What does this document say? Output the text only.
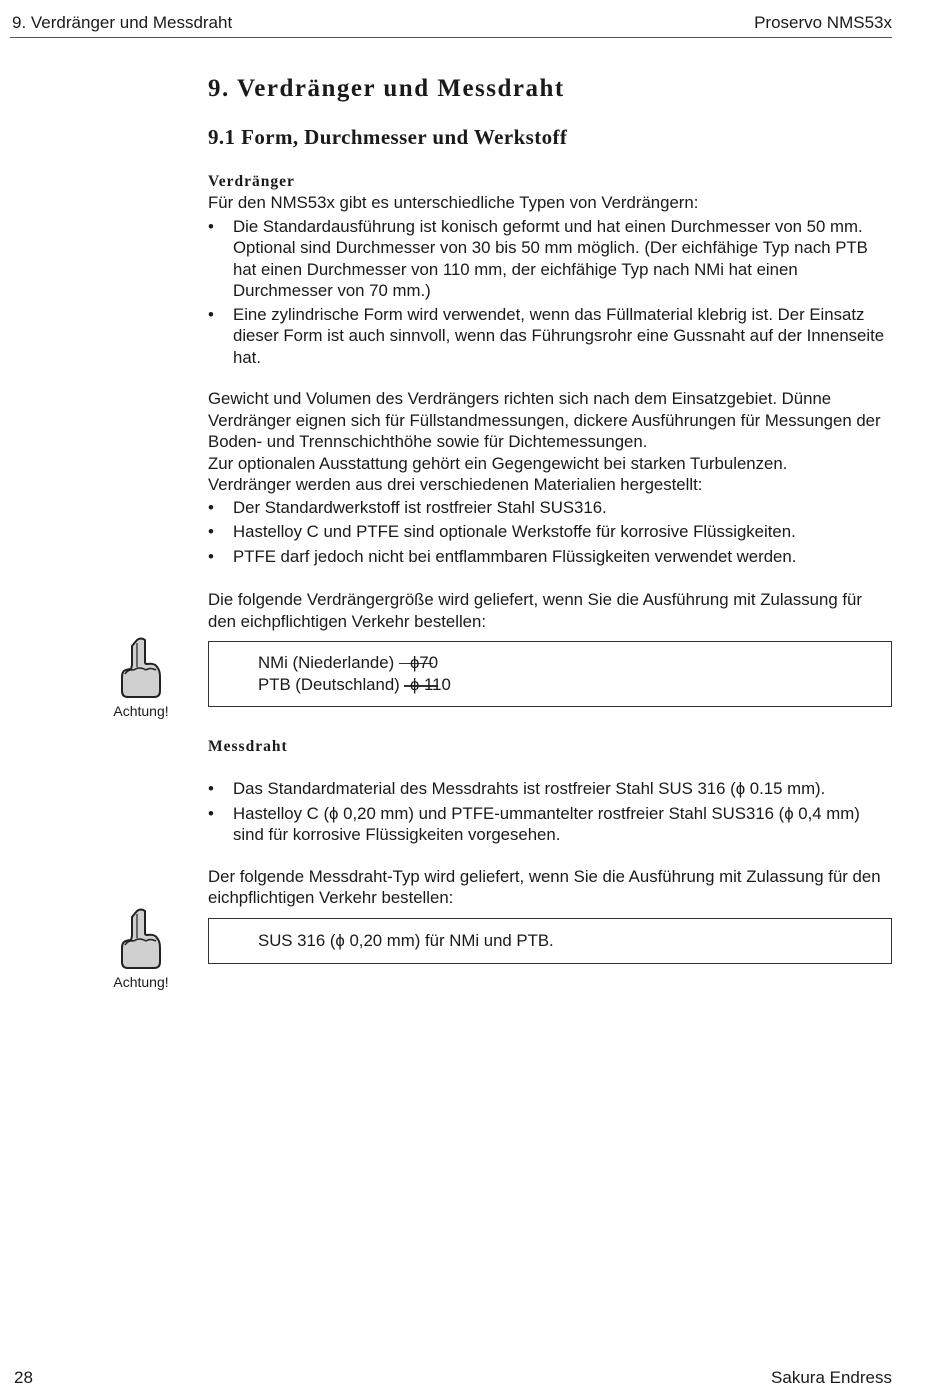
9. Verdränger und Messdraht	Proservo NMS53x
9. Verdränger und Messdraht
9.1 Form, Durchmesser und Werkstoff
Verdränger

Für den NMS53x gibt es unterschiedliche Typen von Verdrängern:

• Die Standardausführung ist konisch geformt und hat einen Durchmesser von 50 mm. Optional sind Durchmesser von 30 bis 50 mm möglich. (Der eichfähige Typ nach PTB hat einen Durchmesser von 110 mm, der eichfähige Typ nach NMi hat einen Durchmesser von 70 mm.)
• Eine zylindrische Form wird verwendet, wenn das Füllmaterial klebrig ist. Der Einsatz dieser Form ist auch sinnvoll, wenn das Führungsrohr eine Gussnaht auf der Innenseite hat.

Gewicht und Volumen des Verdrängers richten sich nach dem Einsatzgebiet. Dünne Verdränger eignen sich für Füllstandmessungen, dickere Ausführungen für Messungen der Boden- und Trennschichthöhe sowie für Dichtemessungen.

Zur optionalen Ausstattung gehört ein Gegengewicht bei starken Turbulenzen.

Verdränger werden aus drei verschiedenen Materialien hergestellt:

• Der Standardwerkstoff ist rostfreier Stahl SUS316.
• Hastelloy C und PTFE sind optionale Werkstoffe für korrosive Flüssigkeiten.
• PTFE darf jedoch nicht bei entflammbaren Flüssigkeiten verwendet werden.

Die folgende Verdrängergröße wird geliefert, wenn Sie die Ausführung mit Zulassung für den eichpflichtigen Verkehr bestellen:

NMi (Niederlande) ϕ70
PTB (Deutschland) ϕ 110
Messdraht
• Das Standardmaterial des Messdrahts ist rostfreier Stahl SUS 316 (ϕ 0.15 mm).
• Hastelloy C (ϕ 0,20 mm) und PTFE-ummantelter rostfreier Stahl SUS316 (ϕ 0,4 mm) sind für korrosive Flüssigkeiten vorgesehen.

Der folgende Messdraht-Typ wird geliefert, wenn Sie die Ausführung mit Zulassung für den eichpflichtigen Verkehr bestellen:

SUS 316 (ϕ 0,20 mm) für NMi und PTB.
Achtung!
Achtung!
28	Sakura Endress
